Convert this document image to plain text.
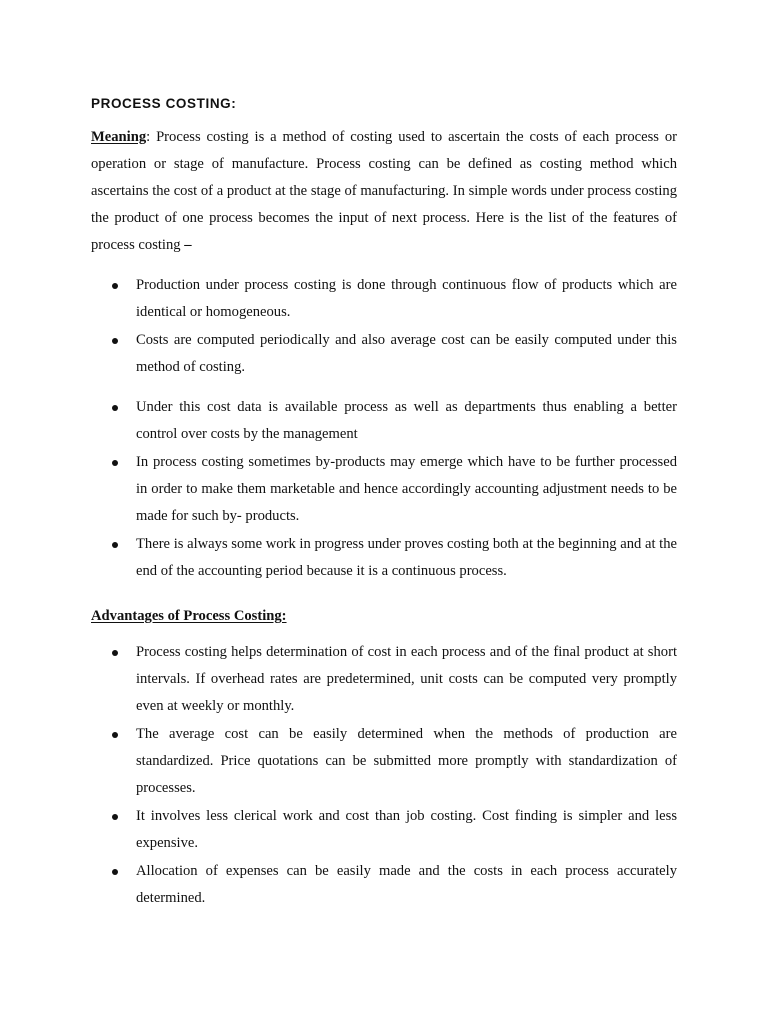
PROCESS COSTING:

Meaning: Process costing is a method of costing used to ascertain the costs of each process or operation or stage of manufacture. Process costing can be defined as costing method which ascertains the cost of a product at the stage of manufacturing. In simple words under process costing the product of one process becomes the input of next process. Here is the list of the features of process costing –

Production under process costing is done through continuous flow of products which are identical or homogeneous.
Costs are computed periodically and also average cost can be easily computed under this method of costing.
Under this cost data is available process as well as departments thus enabling a better control over costs by the management
In process costing sometimes by-products may emerge which have to be further processed in order to make them marketable and hence accordingly accounting adjustment needs to be made for such by- products.
There is always some work in progress under proves costing both at the beginning and at the end of the accounting period because it is a continuous process.
Advantages of Process Costing:
Process costing helps determination of cost in each process and of the final product at short intervals. If overhead rates are predetermined, unit costs can be computed very promptly even at weekly or monthly.
The average cost can be easily determined when the methods of production are standardized. Price quotations can be submitted more promptly with standardization of processes.
It involves less clerical work and cost than job costing. Cost finding is simpler and less expensive.
Allocation of expenses can be easily made and the costs in each process accurately determined.
